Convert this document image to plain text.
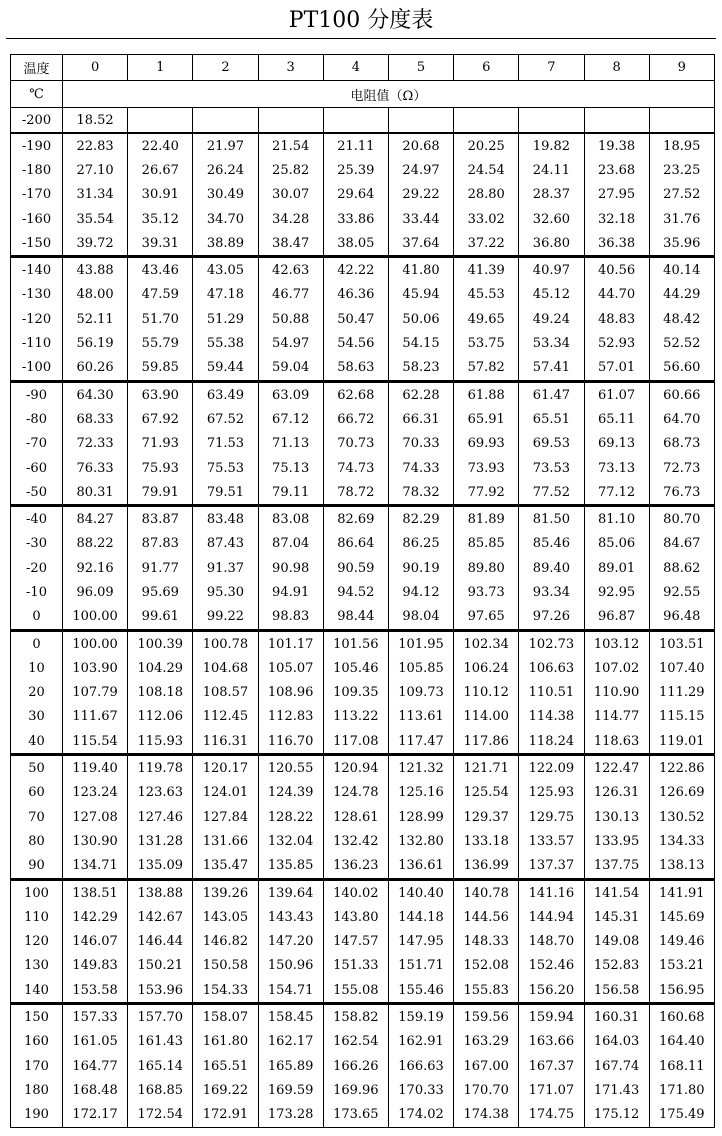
PT100 分度表
温度	0	1	2	3	4	5	6	7	8	9
℃	电阻值（Ω）									
-200	18.52									
-190	22.83	22.40	21.97	21.54	21.11	20.68	20.25	19.82	19.38	18.95
-180	27.10	26.67	26.24	25.82	25.39	24.97	24.54	24.11	23.68	23.25
-170	31.34	30.91	30.49	30.07	29.64	29.22	28.80	28.37	27.95	27.52
-160	35.54	35.12	34.70	34.28	33.86	33.44	33.02	32.60	32.18	31.76
-150	39.72	39.31	38.89	38.47	38.05	37.64	37.22	36.80	36.38	35.96
-140	43.88	43.46	43.05	42.63	42.22	41.80	41.39	40.97	40.56	40.14
-130	48.00	47.59	47.18	46.77	46.36	45.94	45.53	45.12	44.70	44.29
-120	52.11	51.70	51.29	50.88	50.47	50.06	49.65	49.24	48.83	48.42
-110	56.19	55.79	55.38	54.97	54.56	54.15	53.75	53.34	52.93	52.52
-100	60.26	59.85	59.44	59.04	58.63	58.23	57.82	57.41	57.01	56.60
-90	64.30	63.90	63.49	63.09	62.68	62.28	61.88	61.47	61.07	60.66
-80	68.33	67.92	67.52	67.12	66.72	66.31	65.91	65.51	65.11	64.70
-70	72.33	71.93	71.53	71.13	70.73	70.33	69.93	69.53	69.13	68.73
-60	76.33	75.93	75.53	75.13	74.73	74.33	73.93	73.53	73.13	72.73
-50	80.31	79.91	79.51	79.11	78.72	78.32	77.92	77.52	77.12	76.73
-40	84.27	83.87	83.48	83.08	82.69	82.29	81.89	81.50	81.10	80.70
-30	88.22	87.83	87.43	87.04	86.64	86.25	85.85	85.46	85.06	84.67
-20	92.16	91.77	91.37	90.98	90.59	90.19	89.80	89.40	89.01	88.62
-10	96.09	95.69	95.30	94.91	94.52	94.12	93.73	93.34	92.95	92.55
0	100.00	99.61	99.22	98.83	98.44	98.04	97.65	97.26	96.87	96.48
0	100.00	100.39	100.78	101.17	101.56	101.95	102.34	102.73	103.12	103.51
10	103.90	104.29	104.68	105.07	105.46	105.85	106.24	106.63	107.02	107.40
20	107.79	108.18	108.57	108.96	109.35	109.73	110.12	110.51	110.90	111.29
30	111.67	112.06	112.45	112.83	113.22	113.61	114.00	114.38	114.77	115.15
40	115.54	115.93	116.31	116.70	117.08	117.47	117.86	118.24	118.63	119.01
50	119.40	119.78	120.17	120.55	120.94	121.32	121.71	122.09	122.47	122.86
60	123.24	123.63	124.01	124.39	124.78	125.16	125.54	125.93	126.31	126.69
70	127.08	127.46	127.84	128.22	128.61	128.99	129.37	129.75	130.13	130.52
80	130.90	131.28	131.66	132.04	132.42	132.80	133.18	133.57	133.95	134.33
90	134.71	135.09	135.47	135.85	136.23	136.61	136.99	137.37	137.75	138.13
100	138.51	138.88	139.26	139.64	140.02	140.40	140.78	141.16	141.54	141.91
110	142.29	142.67	143.05	143.43	143.80	144.18	144.56	144.94	145.31	145.69
120	146.07	146.44	146.82	147.20	147.57	147.95	148.33	148.70	149.08	149.46
130	149.83	150.21	150.58	150.96	151.33	151.71	152.08	152.46	152.83	153.21
140	153.58	153.96	154.33	154.71	155.08	155.46	155.83	156.20	156.58	156.95
150	157.33	157.70	158.07	158.45	158.82	159.19	159.56	159.94	160.31	160.68
160	161.05	161.43	161.80	162.17	162.54	162.91	163.29	163.66	164.03	164.40
170	164.77	165.14	165.51	165.89	166.26	166.63	167.00	167.37	167.74	168.11
180	168.48	168.85	169.22	169.59	169.96	170.33	170.70	171.07	171.43	171.80
190	172.17	172.54	172.91	173.28	173.65	174.02	174.38	174.75	175.12	175.49
